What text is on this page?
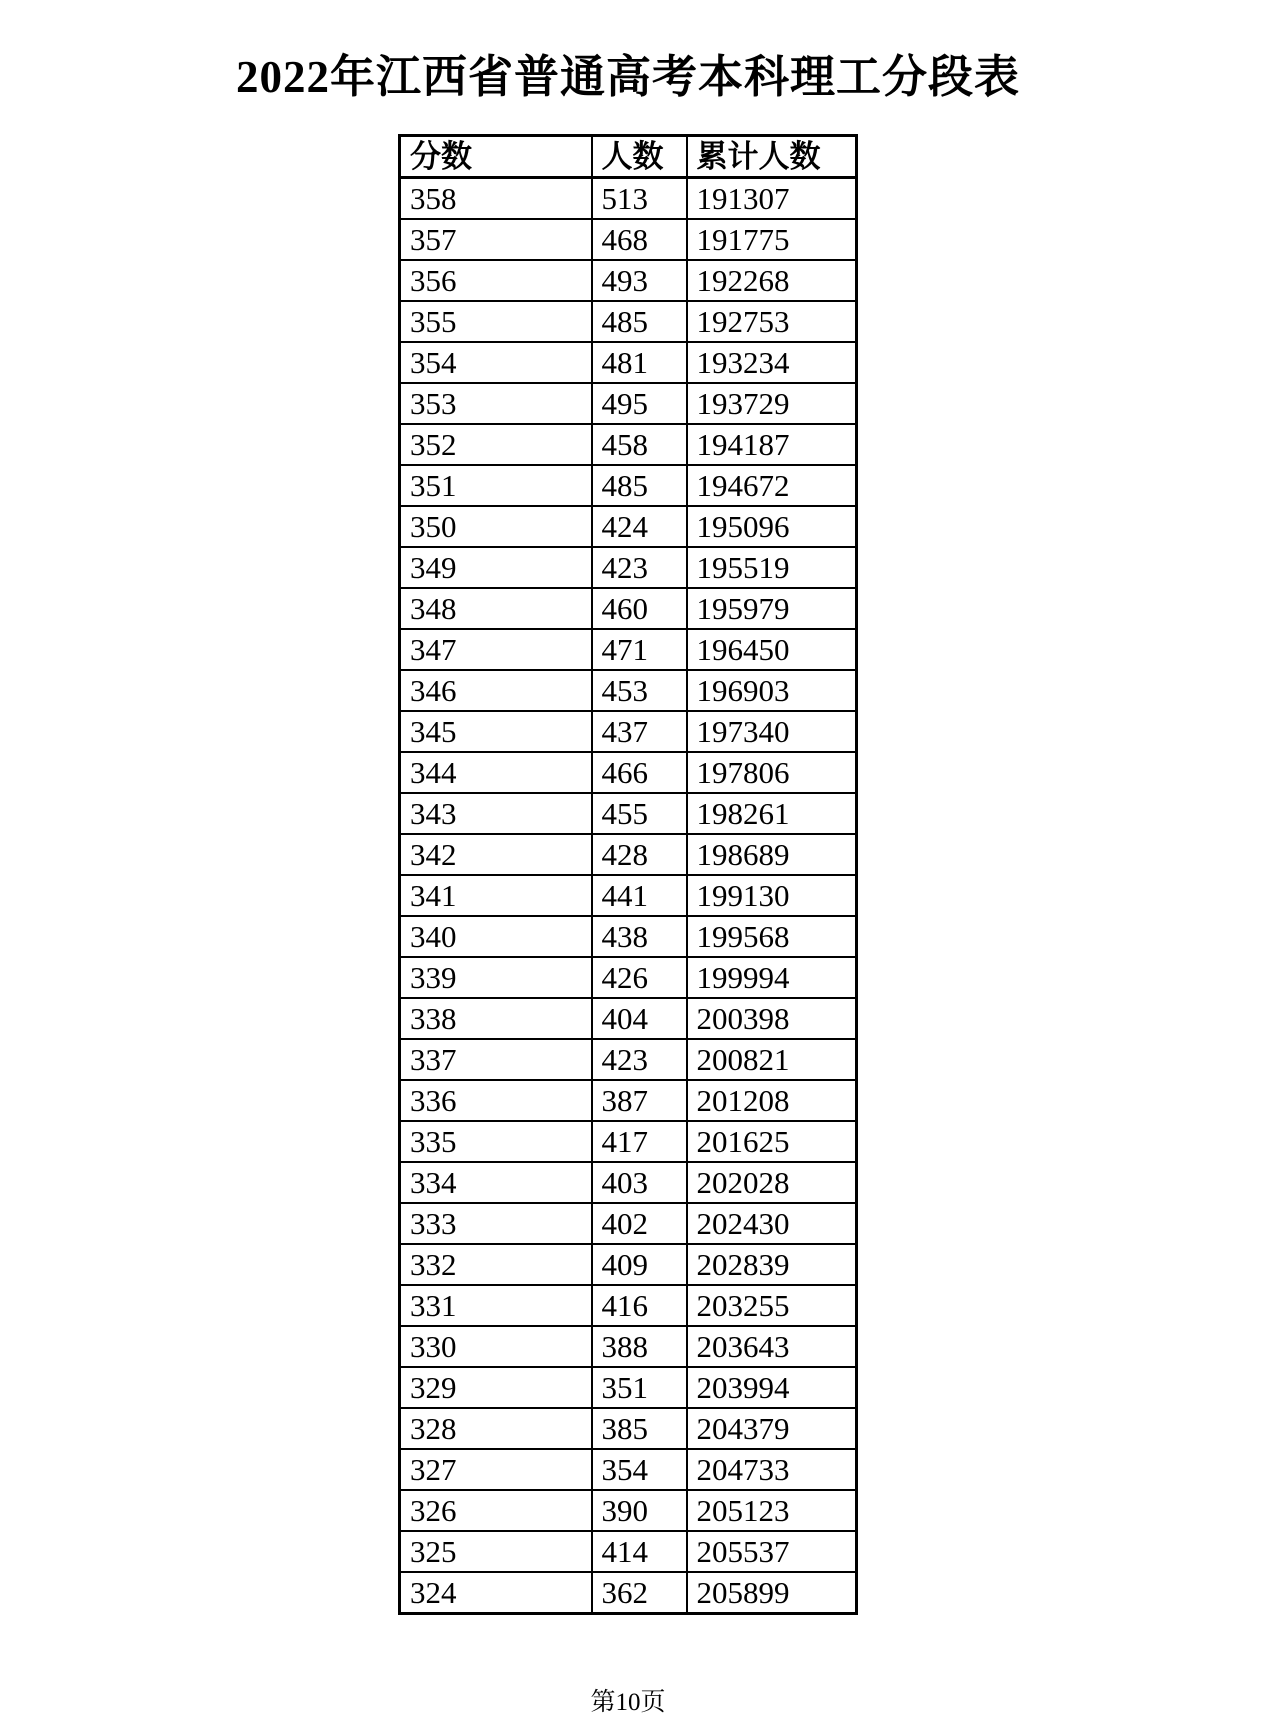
2022年江西省普通高考本科理工分段表
分数	人数	累计人数
358	513	191307
357	468	191775
356	493	192268
355	485	192753
354	481	193234
353	495	193729
352	458	194187
351	485	194672
350	424	195096
349	423	195519
348	460	195979
347	471	196450
346	453	196903
345	437	197340
344	466	197806
343	455	198261
342	428	198689
341	441	199130
340	438	199568
339	426	199994
338	404	200398
337	423	200821
336	387	201208
335	417	201625
334	403	202028
333	402	202430
332	409	202839
331	416	203255
330	388	203643
329	351	203994
328	385	204379
327	354	204733
326	390	205123
325	414	205537
324	362	205899
第10页
